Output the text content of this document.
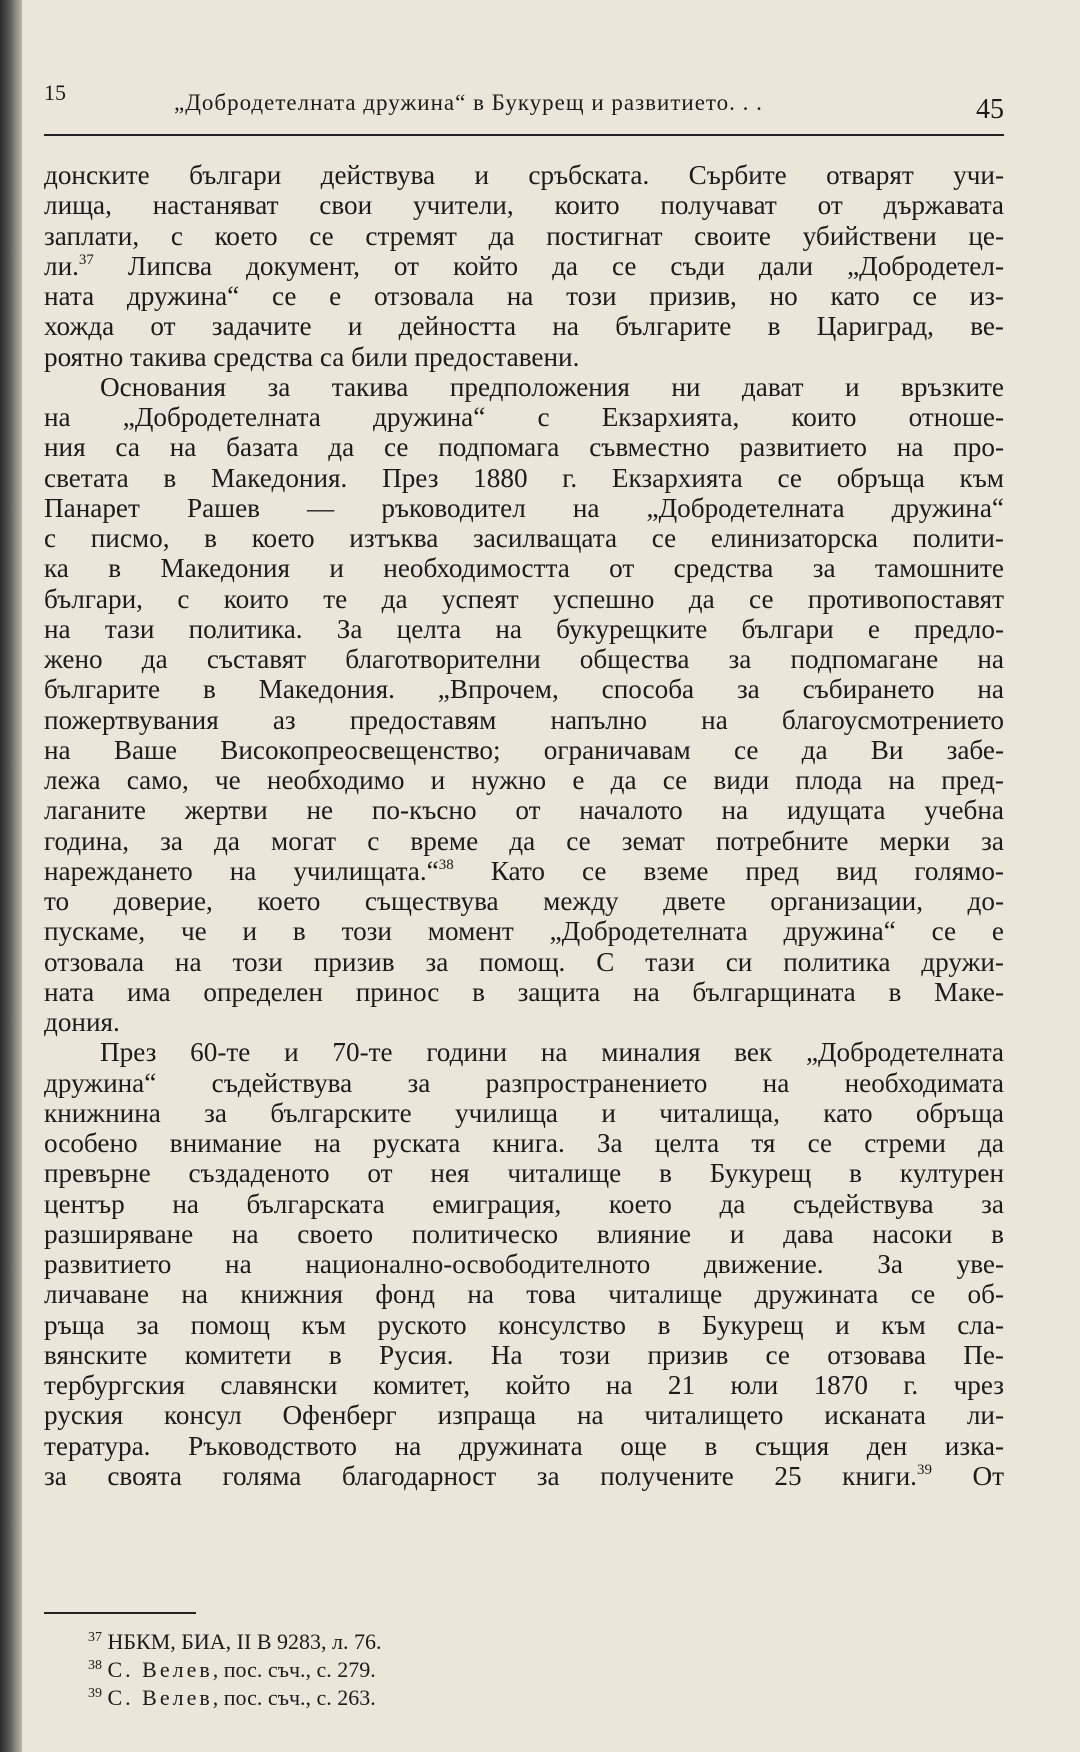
15	„Добродетелната дружина“ в Букурещ и развитието. . .	45
донските българи действува и сръбската. Сърбите отварят учи-
лища, настаняват свои учители, които получават от държавата
заплати, с което се стремят да постигнат своите убийствени це-
ли.$^{37}$ Липсва документ, от който да се съди дали „Добродетел-
ната дружина“ се е отзовала на този призив, но като се из-
хожда от задачите и дейността на българите в Цариград, ве-
роятно такива средства са били предоставени.
Основания за такива предположения ни дават и връзките
на „Добродетелната дружина“ с Екзархията, които отноше-
ния са на базата да се подпомага съвместно развитието на про-
светата в Македония. През 1880 г. Екзархията се обръща към
Панарет Рашев — ръководител на „Добродетелната дружина“
с писмо, в което изтъква засилващата се елинизаторска полити-
ка в Македония и необходимостта от средства за тамошните
българи, с които те да успеят успешно да се противопоставят
на тази политика. За целта на букурещките българи е предло-
жено да съставят благотворителни общества за подпомагане на
българите в Македония. „Впрочем, способа за събирането на
пожертвувания аз предоставям напълно на благоусмотрението
на Ваше Високопреосвещенство; ограничавам се да Ви забе-
лежа само, че необходимо и нужно е да се види плода на пред-
лаганите жертви не по-късно от началото на идущата учебна
година, за да могат с време да се земат потребните мерки за
нареждането на училищата.“$^{38}$ Като се вземе пред вид голямо-
то доверие, което съществува между двете организации, до-
пускаме, че и в този момент „Добродетелната дружина“ се е
отзовала на този призив за помощ. С тази си политика дружи-
ната има определен принос в защита на българщината в Маке-
дония.
През 60-те и 70-те години на миналия век „Добродетелната
дружина“ съдействува за разпространението на необходимата
книжнина за българските училища и читалища, като обръща
особено внимание на руската книга. За целта тя се стреми да
превърне създаденото от нея читалище в Букурещ в културен
център на българската емиграция, което да съдействува за
разширяване на своето политическо влияние и дава насоки в
развитието на национално-освободителното движение. За уве-
личаване на книжния фонд на това читалище дружината се об-
ръща за помощ към руското консулство в Букурещ и към сла-
вянските комитети в Русия. На този призив се отзовава Пе-
тербургския славянски комитет, който на 21 юли 1870 г. чрез
руския консул Офенберг изпраща на читалището исканата ли-
тература. Ръководството на дружината още в същия ден изка-
за своята голяма благодарност за получените 25 книги.$^{39}$ От
$^{37}$ НБКМ, БИА, II В 9283, л. 76.
$^{38}$ С. Велев, пос. съч., с. 279.
$^{39}$ С. Велев, пос. съч., с. 263.
